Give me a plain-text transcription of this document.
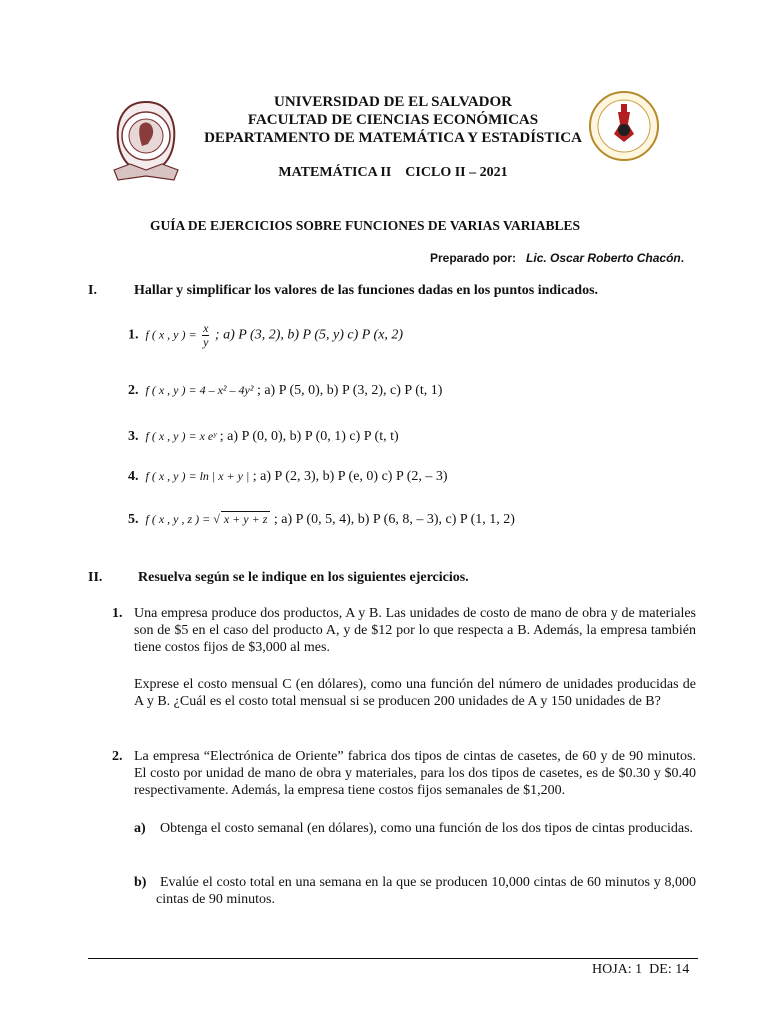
UNIVERSIDAD DE EL SALVADOR
FACULTAD DE CIENCIAS ECONÓMICAS
DEPARTAMENTO DE MATEMÁTICA Y ESTADÍSTICA
MATEMÁTICA II    CICLO II – 2021
GUÍA DE EJERCICIOS SOBRE FUNCIONES DE VARIAS VARIABLES
Preparado por: Lic. Oscar Roberto Chacón.
I.	Hallar y simplificar los valores de las funciones dadas en los puntos indicados.
1. f ( x , y ) = $\frac{x}{y}$ ; a) P (3, 2), b) P (5, y) c) P (x, 2)
2. f ( x , y ) = 4 – x² – 4y² ; a) P (5, 0), b) P (3, 2), c) P (t, 1)
3. f ( x , y ) = x eʸ ; a) P (0, 0), b) P (0, 1) c) P (t, t)
4. f ( x , y ) = ln | x + y | ; a) P (2, 3), b) P (e, 0) c) P (2, – 3)
5. f ( x , y , z ) = √ x + y + z ; a) P (0, 5, 4), b) P (6, 8, – 3), c) P (1, 1, 2)
II.	Resuelva según se le indique en los siguientes ejercicios.
1. Una empresa produce dos productos, A y B. Las unidades de costo de mano de obra y de materiales son de $5 en el caso del producto A, y de $12 por lo que respecta a B. Además, la empresa también tiene costos fijos de $3,000 al mes.
Exprese el costo mensual C (en dólares), como una función del número de unidades producidas de A y B. ¿Cuál es el costo total mensual si se producen 200 unidades de A y 150 unidades de B?
2. La empresa “Electrónica de Oriente” fabrica dos tipos de cintas de casetes, de 60 y de 90 minutos. El costo por unidad de mano de obra y materiales, para los dos tipos de casetes, es de $0.30 y $0.40 respectivamente. Además, la empresa tiene costos fijos semanales de $1,200.
a) Obtenga el costo semanal (en dólares), como una función de los dos tipos de cintas producidas.
b) Evalúe el costo total en una semana en la que se producen 10,000 cintas de 60 minutos y 8,000 cintas de 90 minutos.
HOJA: 1  DE: 14
